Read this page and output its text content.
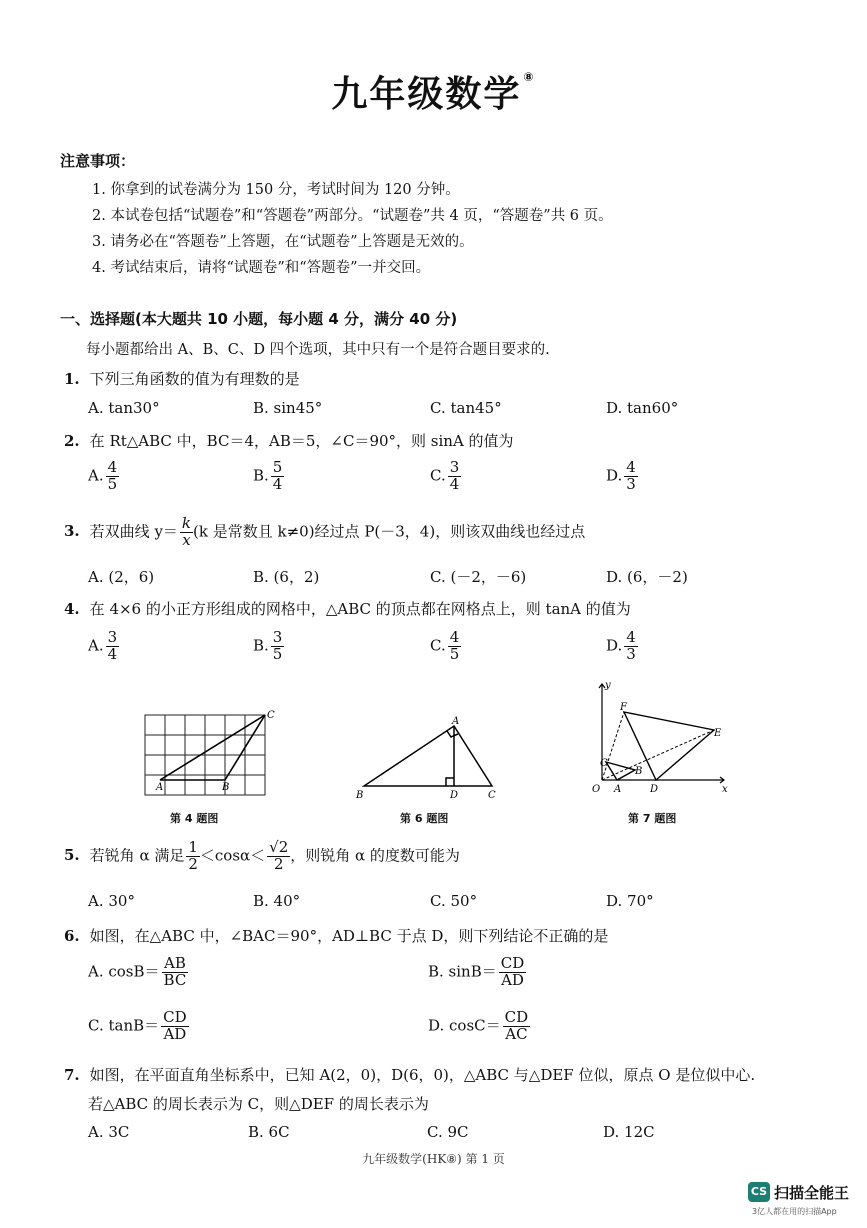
九年级数学 ⑧
注意事项：
1. 你拿到的试卷满分为 150 分，考试时间为 120 分钟。
2. 本试卷包括“试题卷”和“答题卷”两部分。“试题卷”共 4 页，“答题卷”共 6 页。
3. 请务必在“答题卷”上答题，在“试题卷”上答题是无效的。
4. 考试结束后，请将“试题卷”和“答题卷”一并交回。
一、选择题(本大题共 10 小题，每小题 4 分，满分 40 分)
每小题都给出 A、B、C、D 四个选项，其中只有一个是符合题目要求的.
1. 下列三角函数的值为有理数的是
A. tan30°	B. sin45°	C. tan45°	D. tan60°
2. 在 Rt△ABC 中，BC＝4，AB＝5，∠C＝90°，则 sinA 的值为
A. $\frac{4}{5}$	B. $\frac{5}{4}$	C. $\frac{3}{4}$	D. $\frac{4}{3}$
3. 若双曲线 $y= \frac{k}{x} (k$ 是常数且 k≠0)经过点 P(－3，4)，则该双曲线也经过点
A. (2，6)	B. (6，2)	C. (－2，－6)	D. (6，－2)
4. 在 4×6 的小正方形组成的网格中，△ABC 的顶点都在网格点上，则 tanA 的值为
A. $\frac{3}{4}$	B. $\frac{3}{5}$	C. $\frac{4}{5}$	D. $\frac{4}{3}$
A	B
C
第 4 题图
A
B	C
D
第 6 题图
y
x
O A
B
C
D
E
F
第 7 题图
5. 若锐角 α 满足 $\frac{1}{2} <\cos\alpha< \frac{√2}{2}$ ，则锐角 α 的度数可能为
A. 30°	B. 40°	C. 50°	D. 70°
6. 如图，在△ABC 中，∠BAC＝90°，AD⊥BC 于点 D，则下列结论不正确的是
A. $\cos B= \frac{AB}{BC}$	B. $\sin B= \frac{CD}{AD}$
C. $\tan B= \frac{CD}{AD}$	D. $\cos C= \frac{CD}{AC}$
7. 如图，在平面直角坐标系中，已知 A(2，0)，D(6，0)，△ABC 与△DEF 位似，原点 O 是位似中心.
若△ABC 的周长表示为 C，则△DEF 的周长表示为
A. 3C	B. 6C	C. 9C	D. 12C
九年级数学(HK⑧) 第 1 页
CS 扫描全能王
3亿人都在用的扫描App
